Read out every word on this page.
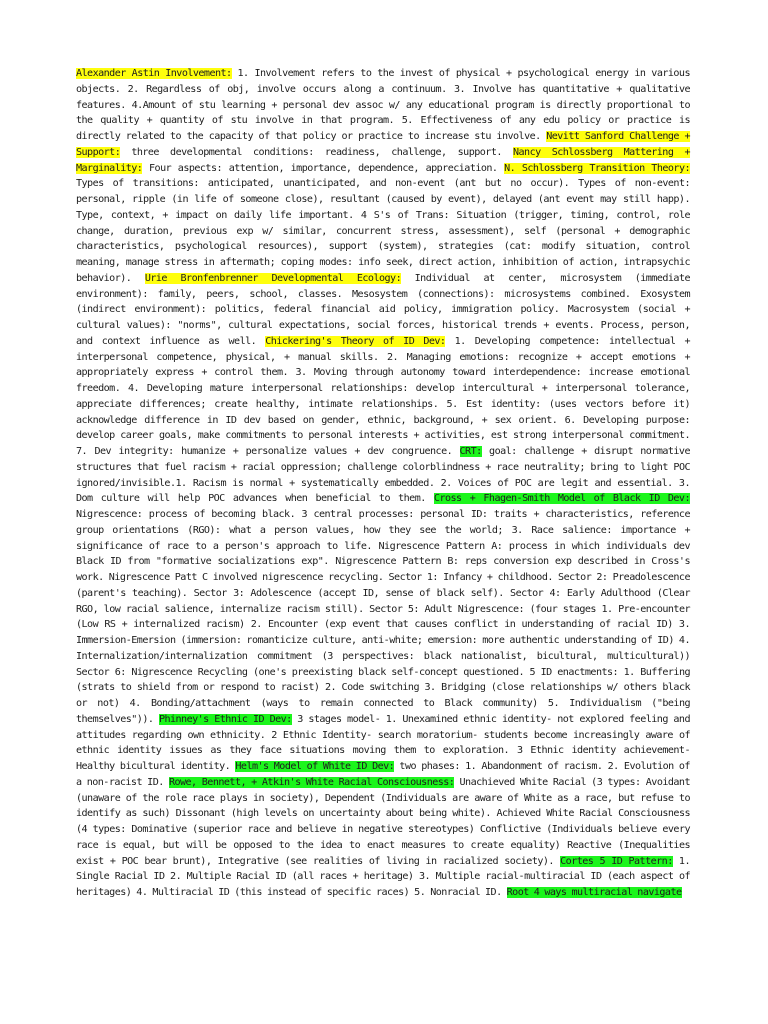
Alexander Astin Involvement: 1. Involvement refers to the invest of physical + psychological energy in various objects. 2. Regardless of obj, involve occurs along a continuum. 3. Involve has quantitative + qualitative features. 4.Amount of stu learning + personal dev assoc w/ any educational program is directly proportional to the quality + quantity of stu involve in that program. 5. Effectiveness of any edu policy or practice is directly related to the capacity of that policy or practice to increase stu involve. Nevitt Sanford Challenge + Support: three developmental conditions: readiness, challenge, support. Nancy Schlossberg Mattering + Marginality: Four aspects: attention, importance, dependence, appreciation. N. Schlossberg Transition Theory: Types of transitions: anticipated, unanticipated, and non-event (ant but no occur). Types of non-event: personal, ripple (in life of someone close), resultant (caused by event), delayed (ant event may still happ). Type, context, + impact on daily life important. 4 S's of Trans: Situation (trigger, timing, control, role change, duration, previous exp w/ similar, concurrent stress, assessment), self (personal + demographic characteristics, psychological resources), support (system), strategies (cat: modify situation, control meaning, manage stress in aftermath; coping modes: info seek, direct action, inhibition of action, intrapsychic behavior). Urie Bronfenbrenner Developmental Ecology: Individual at center, microsystem (immediate environment): family, peers, school, classes. Mesosystem (connections): microsystems combined. Exosystem (indirect environment): politics, federal financial aid policy, immigration policy. Macrosystem (social + cultural values): "norms", cultural expectations, social forces, historical trends + events. Process, person, and context influence as well. Chickering's Theory of ID Dev: 1. Developing competence: intellectual + interpersonal competence, physical, + manual skills. 2. Managing emotions: recognize + accept emotions + appropriately express + control them. 3. Moving through autonomy toward interdependence: increase emotional freedom. 4. Developing mature interpersonal relationships: develop intercultural + interpersonal tolerance, appreciate differences; create healthy, intimate relationships. 5. Est identity: (uses vectors before it) acknowledge difference in ID dev based on gender, ethnic, background, + sex orient. 6. Developing purpose: develop career goals, make commitments to personal interests + activities, est strong interpersonal commitment. 7. Dev integrity: humanize + personalize values + dev congruence. CRT: goal: challenge + disrupt normative structures that fuel racism + racial oppression; challenge colorblindness + race neutrality; bring to light POC ignored/invisible.1. Racism is normal + systematically embedded. 2. Voices of POC are legit and essential. 3. Dom culture will help POC advances when beneficial to them. Cross + Fhagen-Smith Model of Black ID Dev: Nigrescence: process of becoming black. 3 central processes: personal ID: traits + characteristics, reference group orientations (RGO): what a person values, how they see the world; 3. Race salience: importance + significance of race to a person's approach to life. Nigrescence Pattern A: process in which individuals dev Black ID from "formative socializations exp". Nigrescence Pattern B: reps conversion exp described in Cross's work. Nigrescence Patt C involved nigrescence recycling. Sector 1: Infancy + childhood. Sector 2: Preadolescence (parent's teaching). Sector 3: Adolescence (accept ID, sense of black self). Sector 4: Early Adulthood (Clear RGO, low racial salience, internalize racism still). Sector 5: Adult Nigrescence: (four stages 1. Pre-encounter (Low RS + internalized racism) 2. Encounter (exp event that causes conflict in understanding of racial ID) 3. Immersion-Emersion (immersion: romanticize culture, anti-white; emersion: more authentic understanding of ID) 4. Internalization/internalization commitment (3 perspectives: black nationalist, bicultural, multicultural)) Sector 6: Nigrescence Recycling (one's preexisting black self-concept questioned. 5 ID enactments: 1. Buffering (strats to shield from or respond to racist) 2. Code switching 3. Bridging (close relationships w/ others black or not) 4. Bonding/attachment (ways to remain connected to Black community) 5. Individualism ("being themselves")). Phinney's Ethnic ID Dev: 3 stages model- 1. Unexamined ethnic identity- not explored feeling and attitudes regarding own ethnicity. 2 Ethnic Identity- search moratorium- students become increasingly aware of ethnic identity issues as they face situations moving them to exploration. 3 Ethnic identity achievement- Healthy bicultural identity. Helm's Model of White ID Dev: two phases: 1. Abandonment of racism. 2. Evolution of a non-racist ID. Rowe, Bennett, + Atkin's White Racial Consciousness: Unachieved White Racial (3 types: Avoidant (unaware of the role race plays in society), Dependent (Individuals are aware of White as a race, but refuse to identify as such) Dissonant (high levels on uncertainty about being white). Achieved White Racial Consciousness (4 types: Dominative (superior race and believe in negative stereotypes) Conflictive (Individuals believe every race is equal, but will be opposed to the idea to enact measures to create equality) Reactive (Inequalities exist + POC bear brunt), Integrative (see realities of living in racialized society). Cortes 5 ID Pattern: 1. Single Racial ID 2. Multiple Racial ID (all races + heritage) 3. Multiple racial-multiracial ID (each aspect of heritages) 4. Multiracial ID (this instead of specific races) 5. Nonracial ID. Root 4 ways multiracial navigate
